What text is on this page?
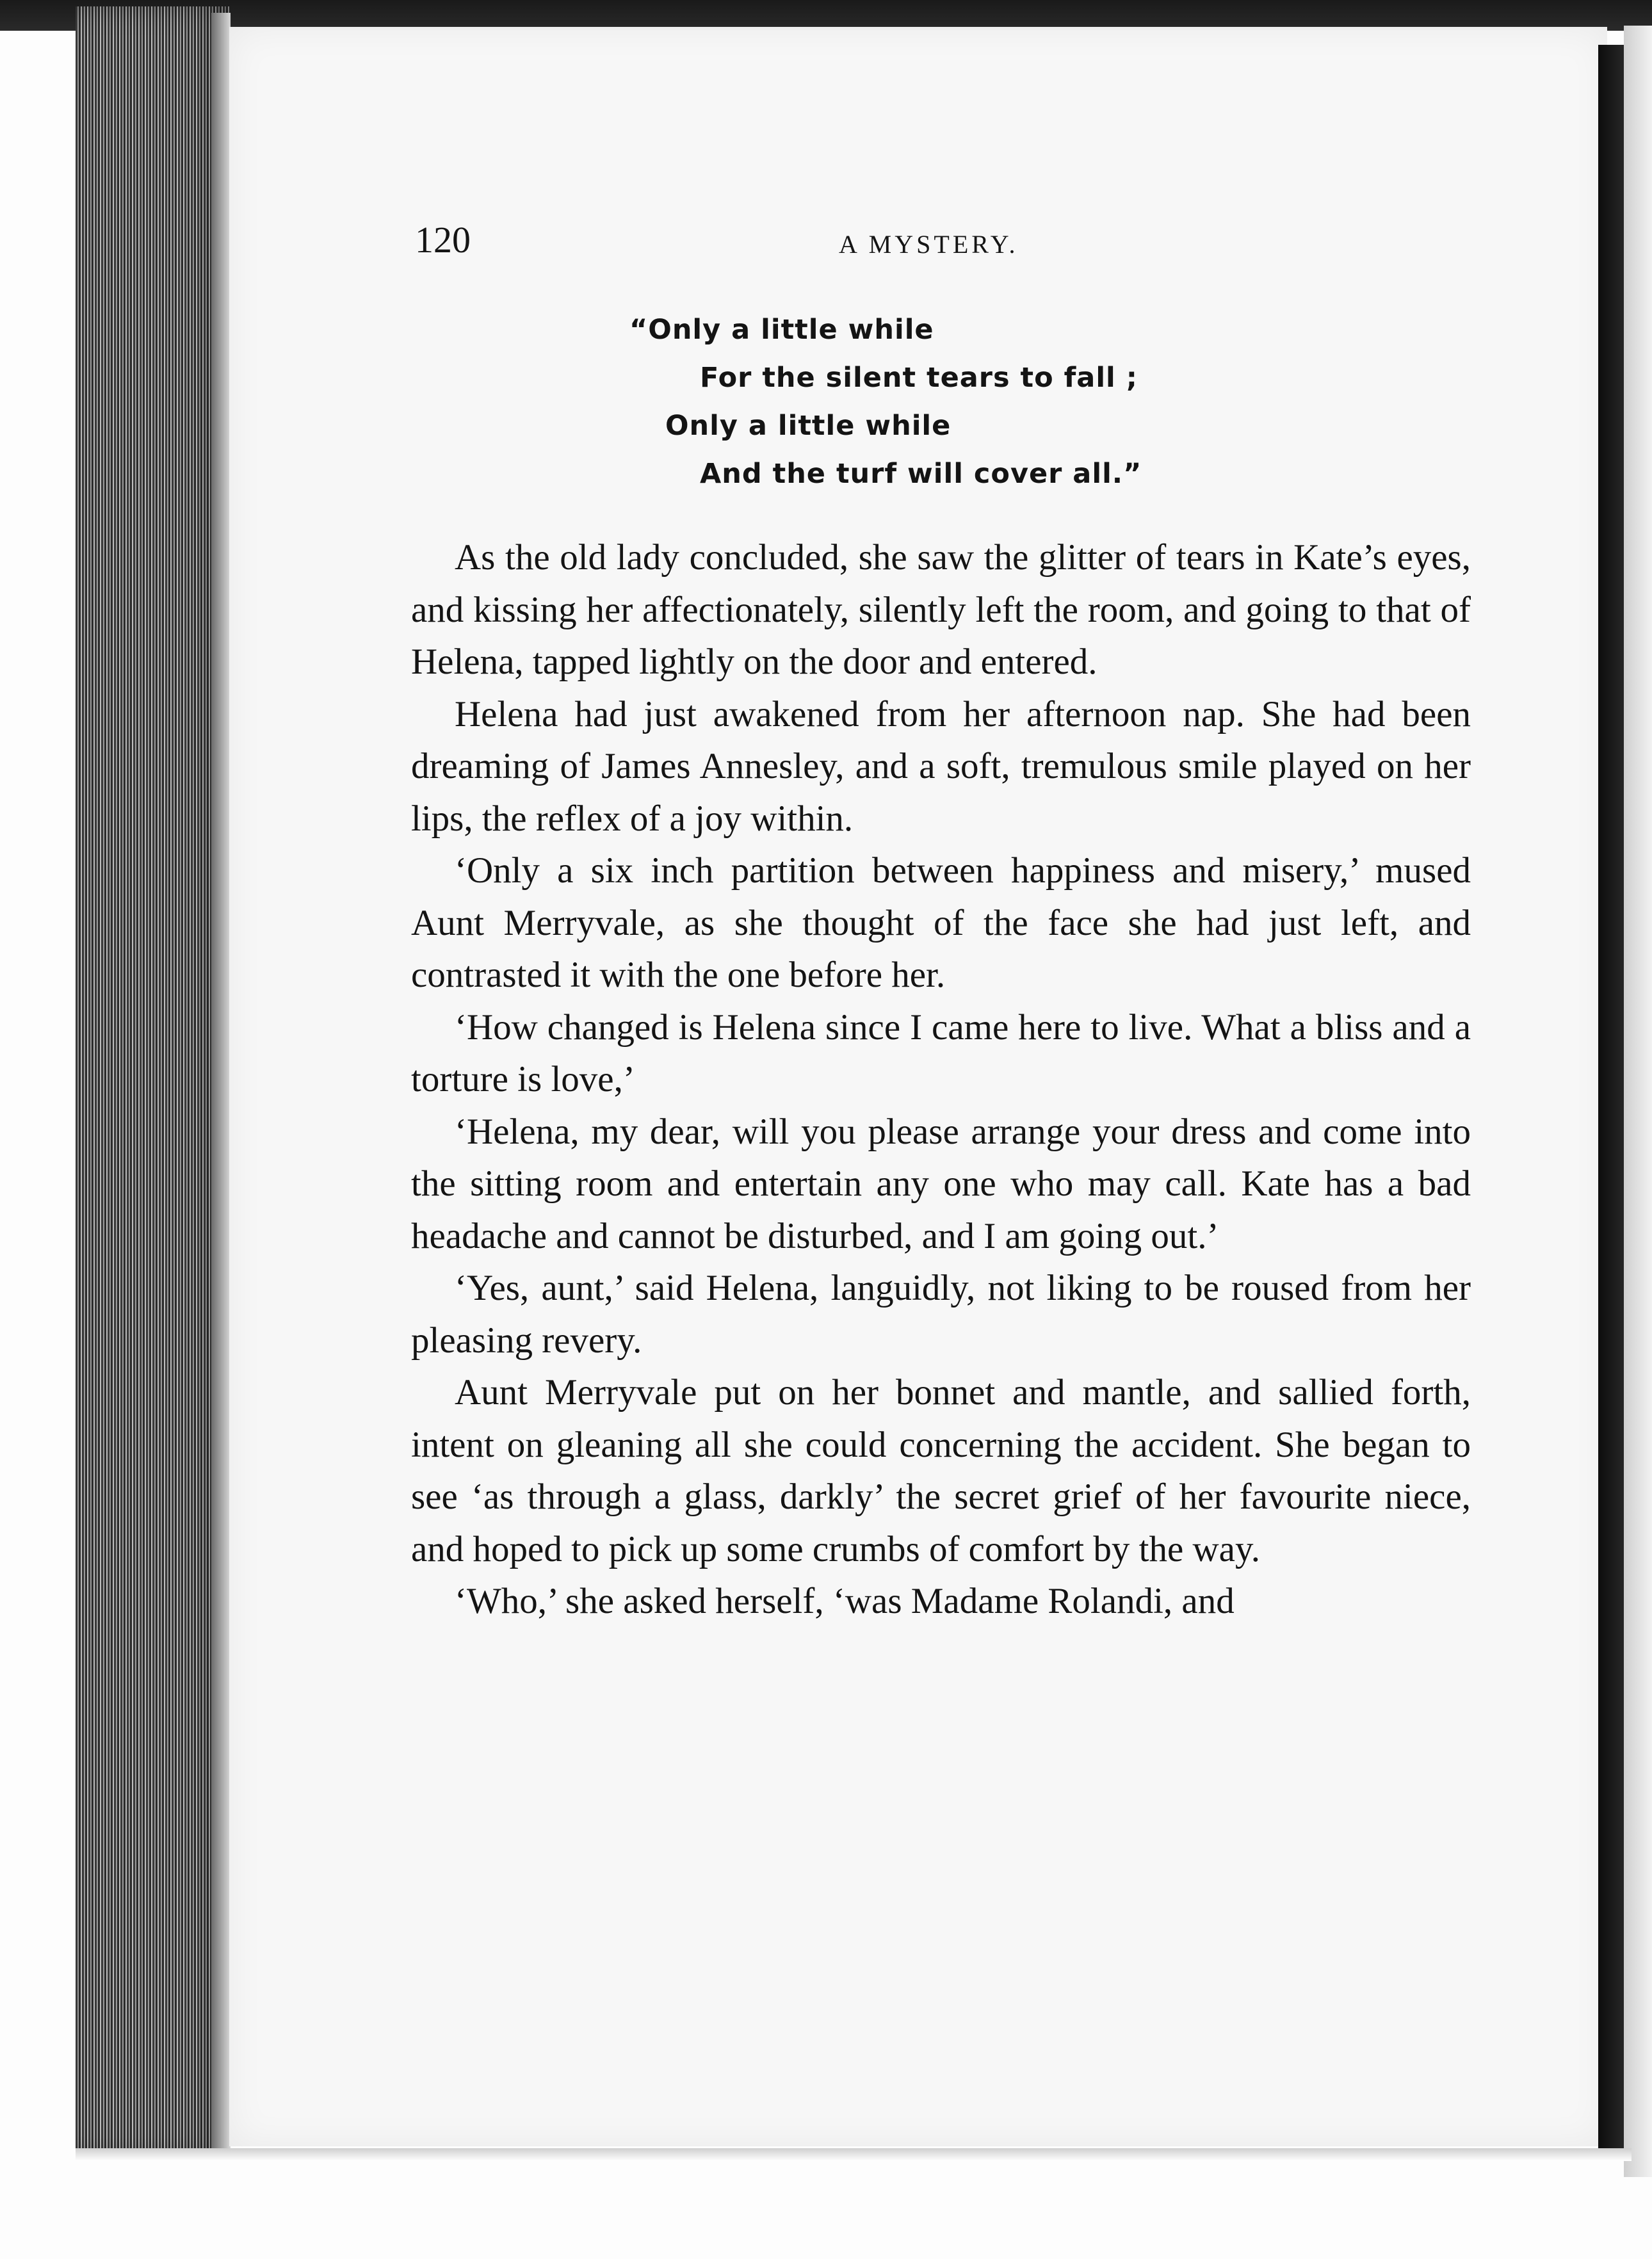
120	A MYSTERY.
“Only a little while
For the silent tears to fall ;
Only a little while
And the turf will cover all.”

As the old lady concluded, she saw the glitter of tears in Kate’s eyes, and kissing her affectionately, silently left the room, and going to that of Helena, tapped lightly on the door and entered.

Helena had just awakened from her afternoon nap. She had been dreaming of James Annesley, and a soft, tremulous smile played on her lips, the reflex of a joy within.

‘Only a six inch partition between happiness and misery,’ mused Aunt Merryvale, as she thought of the face she had just left, and contrasted it with the one before her.

‘How changed is Helena since I came here to live. What a bliss and a torture is love,’

‘Helena, my dear, will you please arrange your dress and come into the sitting room and entertain any one who may call. Kate has a bad headache and cannot be disturbed, and I am going out.’

‘Yes, aunt,’ said Helena, languidly, not liking to be roused from her pleasing revery.

Aunt Merryvale put on her bonnet and mantle, and sallied forth, intent on gleaning all she could concerning the accident. She began to see ‘as through a glass, darkly’ the secret grief of her favourite niece, and hoped to pick up some crumbs of comfort by the way.

‘Who,’ she asked herself, ‘was Madame Rolandi, and
